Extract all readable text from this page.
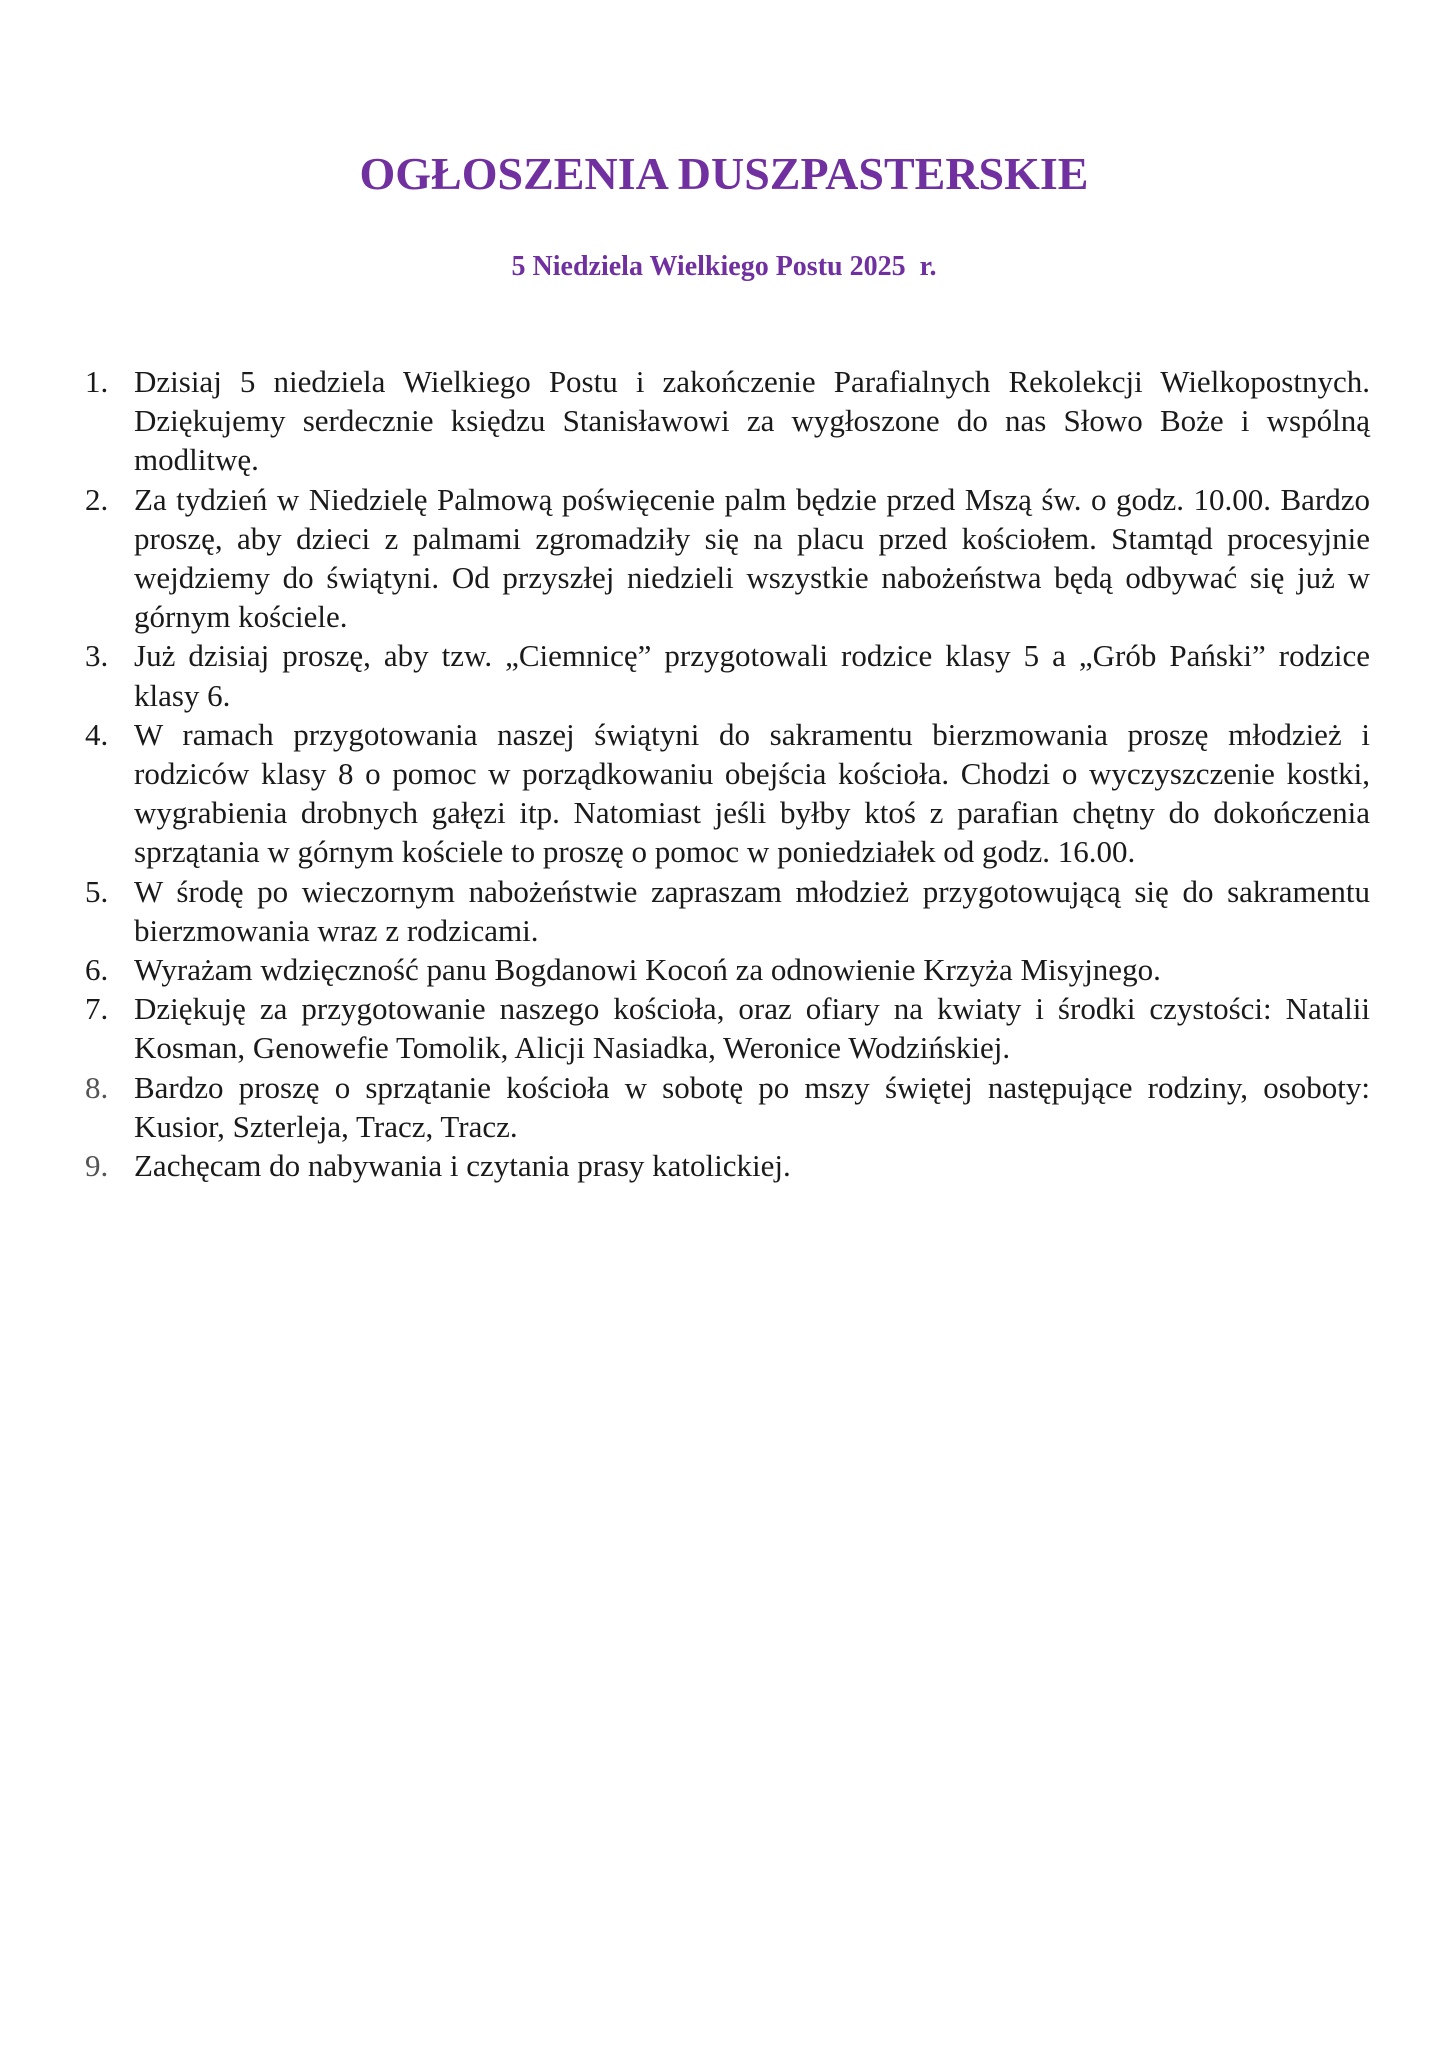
OGŁOSZENIA DUSZPASTERSKIE
5 Niedziela Wielkiego Postu 2025  r.
1. Dzisiaj 5 niedziela Wielkiego Postu i zakończenie Parafialnych Rekolekcji Wielkopostnych. Dziękujemy serdecznie księdzu Stanisławowi za wygłoszone do nas Słowo Boże i wspólną modlitwę.
2. Za tydzień w Niedzielę Palmową poświęcenie palm będzie przed Mszą św. o godz. 10.00. Bardzo proszę, aby dzieci z palmami zgromadziły się na placu przed kościołem. Stamtąd procesyjnie wejdziemy do świątyni. Od przyszłej niedzieli wszystkie nabożeństwa będą odbywać się już w górnym kościele.
3. Już dzisiaj proszę, aby tzw. „Ciemnicę” przygotowali rodzice klasy 5 a „Grób Pański” rodzice klasy 6.
4. W ramach przygotowania naszej świątyni do sakramentu bierzmowania proszę młodzież i rodziców klasy 8 o pomoc w porządkowaniu obejścia kościoła. Chodzi o wyczyszczenie kostki, wygrabienia drobnych gałęzi itp. Natomiast jeśli byłby ktoś z parafian chętny do dokończenia sprzątania w górnym kościele to proszę o pomoc w poniedziałek od godz. 16.00.
5. W środę po wieczornym nabożeństwie zapraszam młodzież przygotowującą się do sakramentu bierzmowania wraz z rodzicami.
6. Wyrażam wdzięczność panu Bogdanowi Kocoń za odnowienie Krzyża Misyjnego.
7. Dziękuję za przygotowanie naszego kościoła, oraz ofiary na kwiaty i środki czystości: Natalii Kosman, Genowefie Tomolik, Alicji Nasiadka, Weronice Wodzińskiej.
8. Bardzo proszę o sprzątanie kościoła w sobotę po mszy świętej następujące rodziny, osoboty: Kusior, Szterleja, Tracz, Tracz.
9. Zachęcam do nabywania i czytania prasy katolickiej.
